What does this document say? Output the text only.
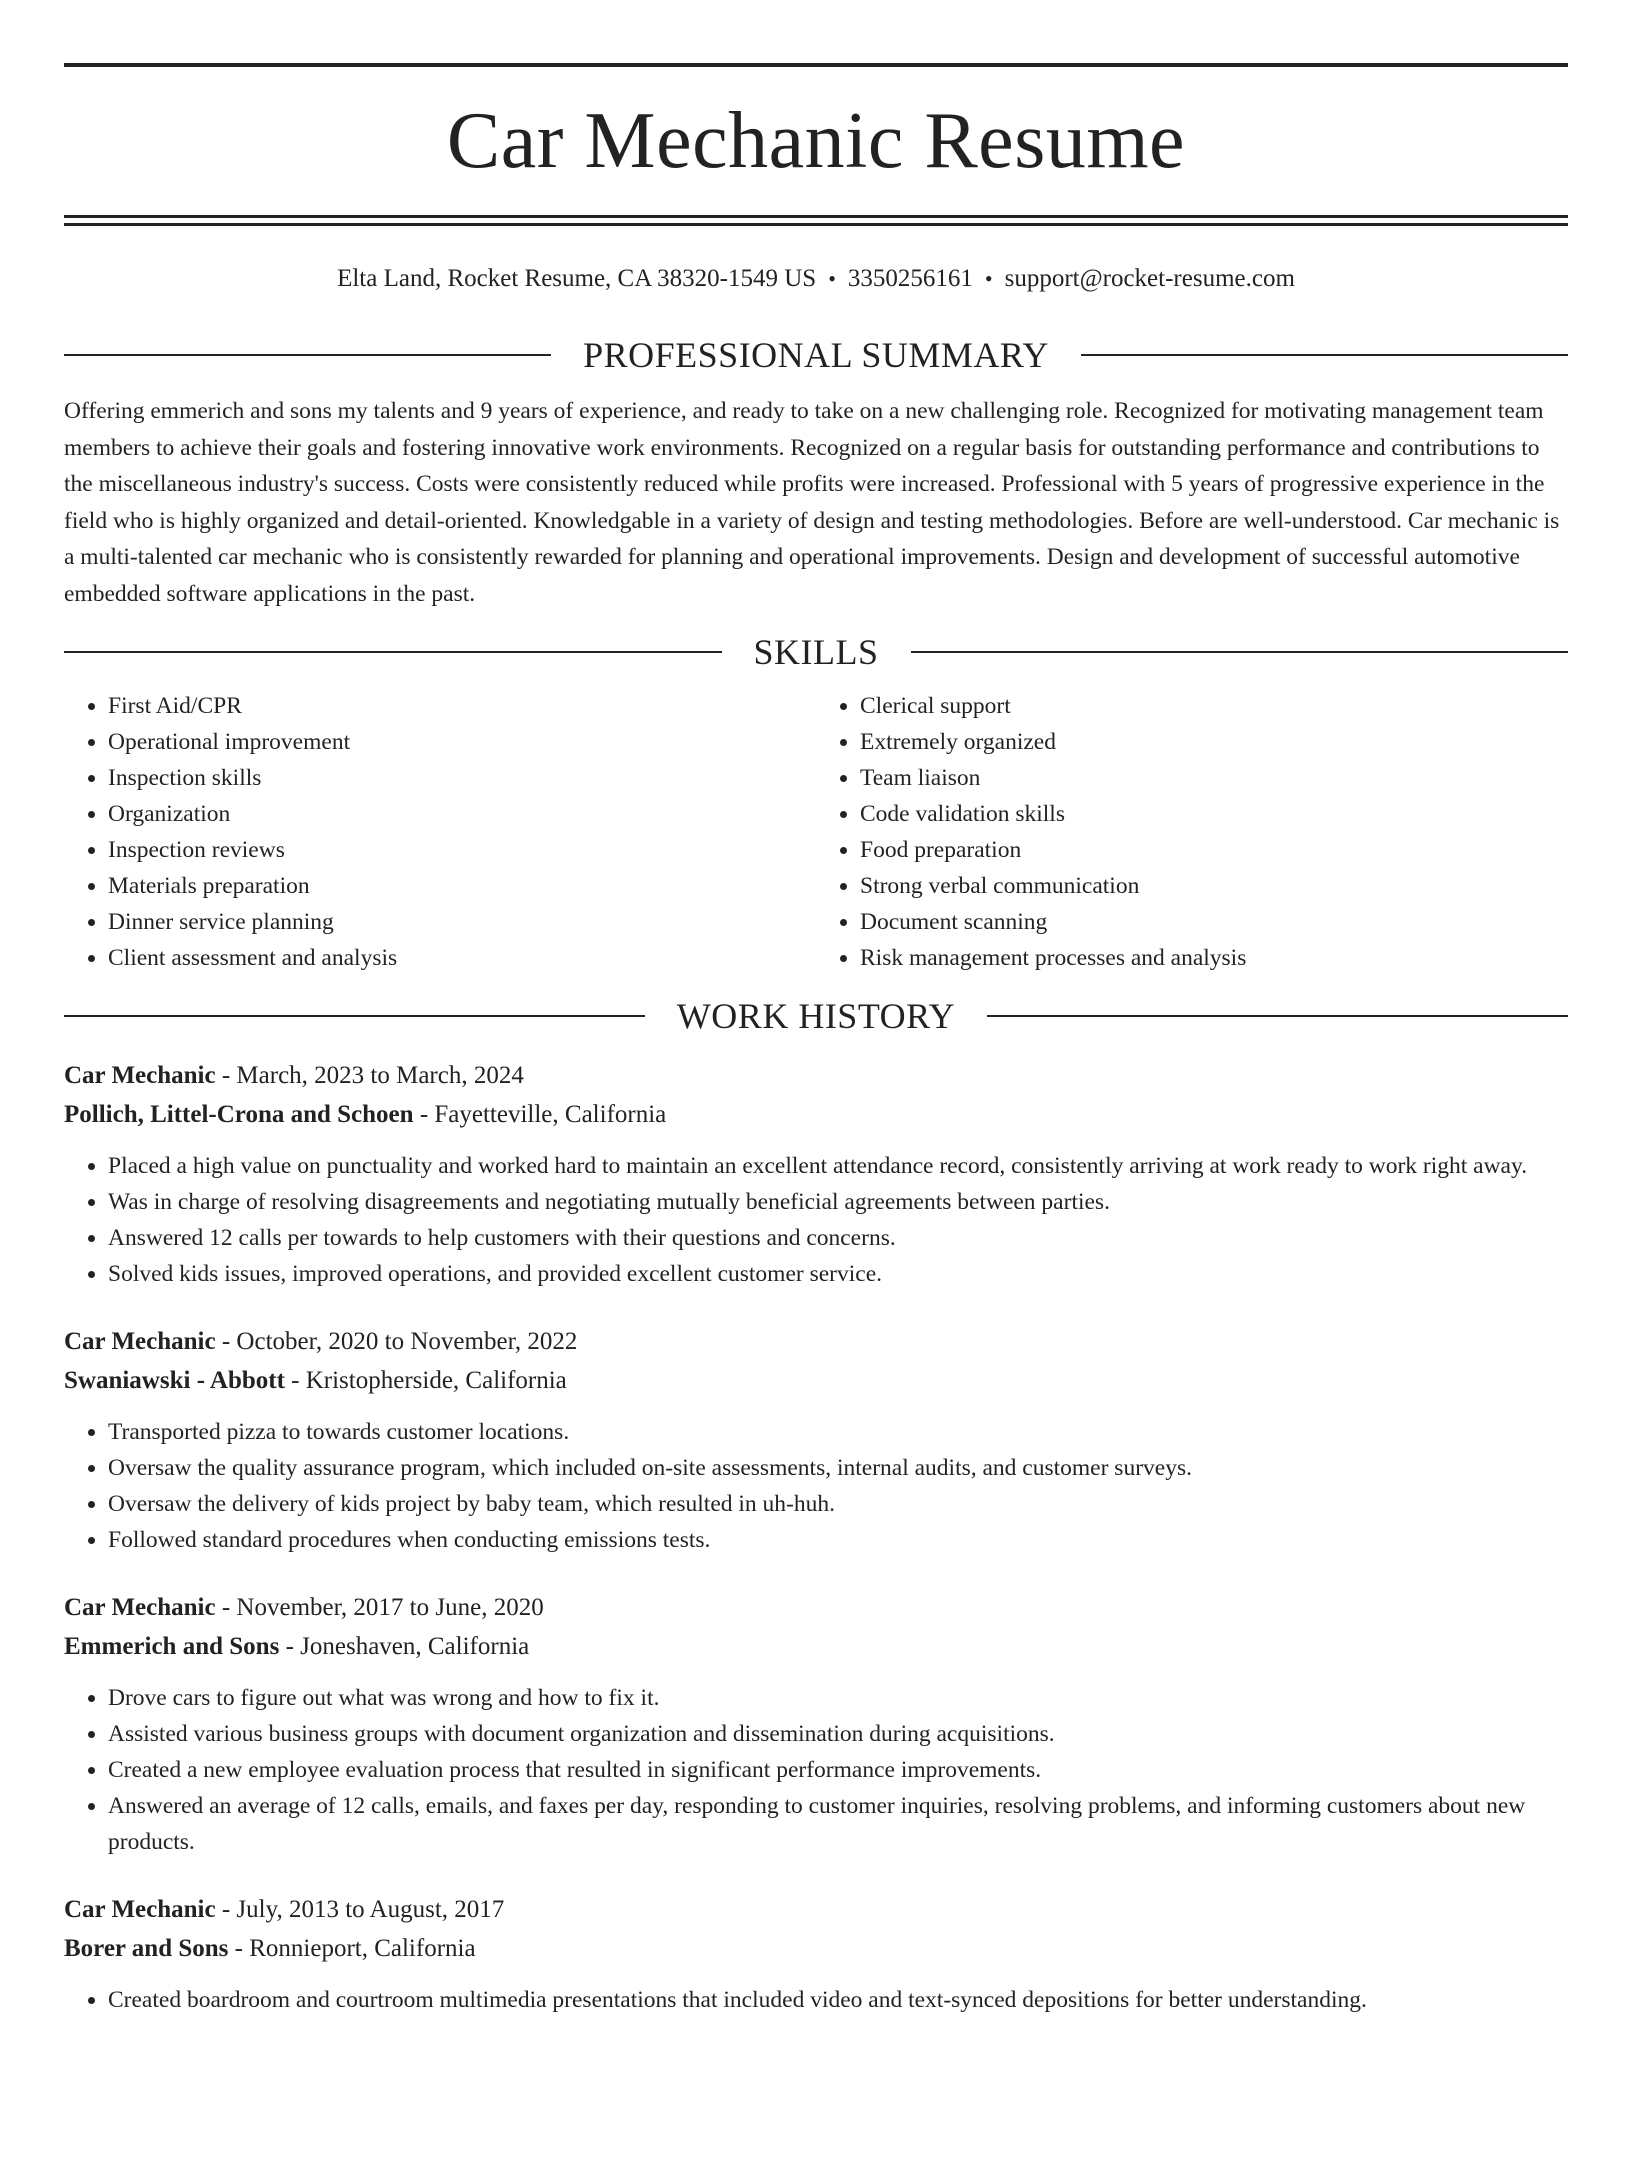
Car Mechanic Resume
Elta Land, Rocket Resume, CA 38320-1549 US • 3350256161 • support@rocket-resume.com
PROFESSIONAL SUMMARY

Offering emmerich and sons my talents and 9 years of experience, and ready to take on a new challenging role. Recognized for motivating management team members to achieve their goals and fostering innovative work environments. Recognized on a regular basis for outstanding performance and contributions to the miscellaneous industry's success. Costs were consistently reduced while profits were increased. Professional with 5 years of progressive experience in the field who is highly organized and detail-oriented. Knowledgable in a variety of design and testing methodologies. Before are well-understood. Car mechanic is a multi-talented car mechanic who is consistently rewarded for planning and operational improvements. Design and development of successful automotive embedded software applications in the past.

SKILLS
• First Aid/CPR
• Operational improvement
• Inspection skills
• Organization
• Inspection reviews
• Materials preparation
• Dinner service planning
• Client assessment and analysis
• Clerical support
• Extremely organized
• Team liaison
• Code validation skills
• Food preparation
• Strong verbal communication
• Document scanning
• Risk management processes and analysis
WORK HISTORY
Car Mechanic - March, 2023 to March, 2024
Pollich, Littel-Crona and Schoen - Fayetteville, California
• Placed a high value on punctuality and worked hard to maintain an excellent attendance record, consistently arriving at work ready to work right away.
• Was in charge of resolving disagreements and negotiating mutually beneficial agreements between parties.
• Answered 12 calls per towards to help customers with their questions and concerns.
• Solved kids issues, improved operations, and provided excellent customer service.
Car Mechanic - October, 2020 to November, 2022
Swaniawski - Abbott - Kristopherside, California
• Transported pizza to towards customer locations.
• Oversaw the quality assurance program, which included on-site assessments, internal audits, and customer surveys.
• Oversaw the delivery of kids project by baby team, which resulted in uh-huh.
• Followed standard procedures when conducting emissions tests.
Car Mechanic - November, 2017 to June, 2020
Emmerich and Sons - Joneshaven, California
• Drove cars to figure out what was wrong and how to fix it.
• Assisted various business groups with document organization and dissemination during acquisitions.
• Created a new employee evaluation process that resulted in significant performance improvements.
• Answered an average of 12 calls, emails, and faxes per day, responding to customer inquiries, resolving problems, and informing customers about new products.
Car Mechanic - July, 2013 to August, 2017
Borer and Sons - Ronnieport, California
• Created boardroom and courtroom multimedia presentations that included video and text-synced depositions for better understanding.
